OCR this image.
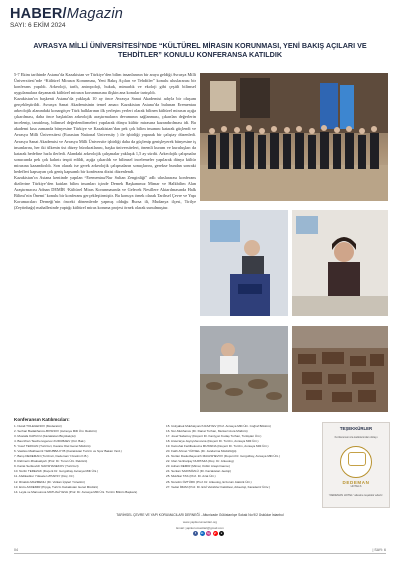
HABER/Magazin
SAYI: 6 EKİM 2024
AVRASYA MİLLİ ÜNİVERSİTESİ’NDE “KÜLTÜREL MİRASIN KORUNMASI, YENİ BAKIŞ AÇILARI VE TEHDİTLER” KONULU KONFERANSA KATILDIK

5-7 Ekim tarihinde Astana’da Kazakistan ve Türkiye’den bilim insanlarının bir araya geldiği Avrasya Milli Üniversitesi’nde “Kültürel Mirasın Korunması, Yeni Bakış Açıları ve Tehditler” konulu uluslararası bir konferans yapıldı. Arkeoloji, tarih, antropoloji, hukuk, mimarlık ve ekoloji gibi çeşitli bilimsel uygulamalara dayanarak kültürel mirasın korunmasına ilişkin ana konular tartışıldı.

Kazakistan’ın başkenti Astana’da yaklaşık 10 ay önce Avrasya Sanat Akademisi adıyla bir oluşum gerçekleştirildi. Avrasya Sanat Akademisinin temel amacı Kazakistan Astana’da bulunan Erementau arkeolojik alanındaki konargöçer Türk halklarının ilk yerleşim yerleri olarak bilinen kültürel mirasın açığa çıkarılması, daha önce başlatılan arkeolojik araştırmaların devamının sağlanması, çıkarılan değerlerin incelenip, tanıtılmış, bilimsel değerlendirmeleri yapılarak dünya kültür mirasına kazandırılması idi. Bu akademi kısa zamanda bünyesine Türkiye ve Kazakistan’dan pek çok bilim insanını katarak güçlendi ve Avrasya Milli Üniversitesi (Eurasian National University ) ile işbirliği yaparak bir çalıştay düzenledi. Avrasya Sanat Akademisi ve Avrasya Milli Üniversite işbirliği daha da güçlenip genişleyerek bünyesine iş insanlarını, her iki ülkenin üst düzey bürokratlarını, başka üniversiteleri, önemli kurum ve kuruluşları da katarak hedefine hızla ilerledi. Alandaki arkeolojik çalışmalar yaklaşık 1,5 ay sürdü. Arkeolojik çalışmalar sonucunda pek çok kalıntı tespit edildi, açığa çıkarıldı ve bilimsel incelemeler yapılarak dünya kültür mirasına kazandırıldı. Son olarak ise gerek arkeolojik çalışmaların sonuçlarını, gerekse bundan sonraki hedefleri kapsayan çok geniş kapsamlı bir konferans dizisi düzenlendi.

Kazakistan’ın Astana kentinde yapılan “Erementau/Nur Sultan Zenginliği” adlı uluslararası konferans dizilerine Türkiye’den katılan bilim insanları içinde Demek Başkanımız Mimar ve Halkbilim Alan Araştırmacısı Adnan DEMİR ‘Kültürel Miras Korunmasında ve Gelecek Nesillere Aktarılmasında Halk Bilimi’nin Önemi’ konulu bir konferans gerçekleştirmiştir. Bu konuya örnek olarak Tarihsel Çevre ve Yapı Korumacıları Derneği’nin önceki dönemlerde yapmış olduğu Bursa ili, Mudanya ilçesi, Tirilye (Zeytinbağı) mahallesinde yaptığı kültürel miras koruma projesi örnek olarak sunulmuştur.

Konferansın Katılımcıları:
1. Nurali TOLEGENOV (Moderatör)
2. Serhan Badakhanov-BOSNOV (Avrasya Milli Üni. Rektörü)
3. Mustafa KAPUCU (Kazakistan Büyükelçisi)
4. Baurzhan Taschenogenov-KUDUBAEV (Kül. Bak.)
5. Yusuf TERCAN (Turizmci, Kavara Otel Genel Müdürü)
6. Vasilios Makhaeniti YERUBBA KYB (Kazakistan Turizm ve Spor Bakan Yard.)
7. Barış DEDEMAN (Turizmci, Dedeman Yönetim K.B.)
8. Rahmetn Zhaksaliyeh (Prof. Dr. Turan Üni. Rektörü)
9. Kairat Serikovich NAKSHANEKOV (Turizmci)
10. Nurlin TEREZAK (Doçent Dr. Gorgolbay Avrasya Milli Üni.)
11. Abdikadirer Yükselen ZHAKSY (Doç. Dr.)
12. Rinaldo MAZMENLI (Dr. Volkan İçişleri Yönetimi)
13. Ercis AKDEMIR (Prpga, Turizm Kazakistan Genel Müdürü)
14. Leyla ve Mansurova MATUALİYEVA (Prof. Dr. Avrasya Milli Üni. Turizm Bölüm Başkanı)
15. Ustiyabek Mukhatyonch RAZYEV (Prof. Avrasya Milli Üni. Coğraf Bölümü)
16. Nur-Mukhanov (Dr. Danat Turhan, Merkezi Asra Müdürü)
17. Josef Sabetroy (Doçent Dr. Kaniyyet Kudaş Turhan, Turkiştan Üni.)
18. Aravzarya Jaynyshevovna (Doçent Dr. Turizm, Avrasya Milli Üni.)
19. Kamshat Fazilbekovna MUSSINA (Doçent Dr. Turizm, Avrasya Milli Üni.)
20. Fatih Ahmet YÜKSEL (Dr. Jandarma Müdürlüğü)
21. Nurlan Dauletbayevich MAGISHEVOV (Doçent Dr. Gorgolbay, Avrasya Milli Üni.)
22. Ulan Venhanjay NURTAZA (Doç. Dr. Arkeolog)
23. Adnan DEMIR (Mimar, Kültür Araştırmacısı)
24. Serkan SARISÖZLÜ (Dr. Kazakistan Jeoloji)
25. Mukhtar TAS (Prof. Dr. Azat Üni.)
26. Nurettin ÖZTÜRK (Prof. Dr. Arkeolog, Erzurum Atatürk Üni.)
27. Vedat İMAM (Prof. Dr. EGİ Vektörler Fakültesi, Arkeoloji, Karadeniz Üniv.)
TEŞEKKÜRLER
Konferansımıza katkılarından dolayı
DEDEMAN
HOTELS
“DEDEMAN HOTEL” ailesine teşekkür ederiz.
TARİHSEL ÇEVRE VE YAPI KORUMACILARI DERNEĞİ - Altunizade Gülüstanlıçe Sokak No:9/2 Üsküdar İstanbul
www.yapikorumaciIari.org
Email: yapikorumacilari@gmail.com
f	in	ig	yt	x
04	| SAYI: 6
